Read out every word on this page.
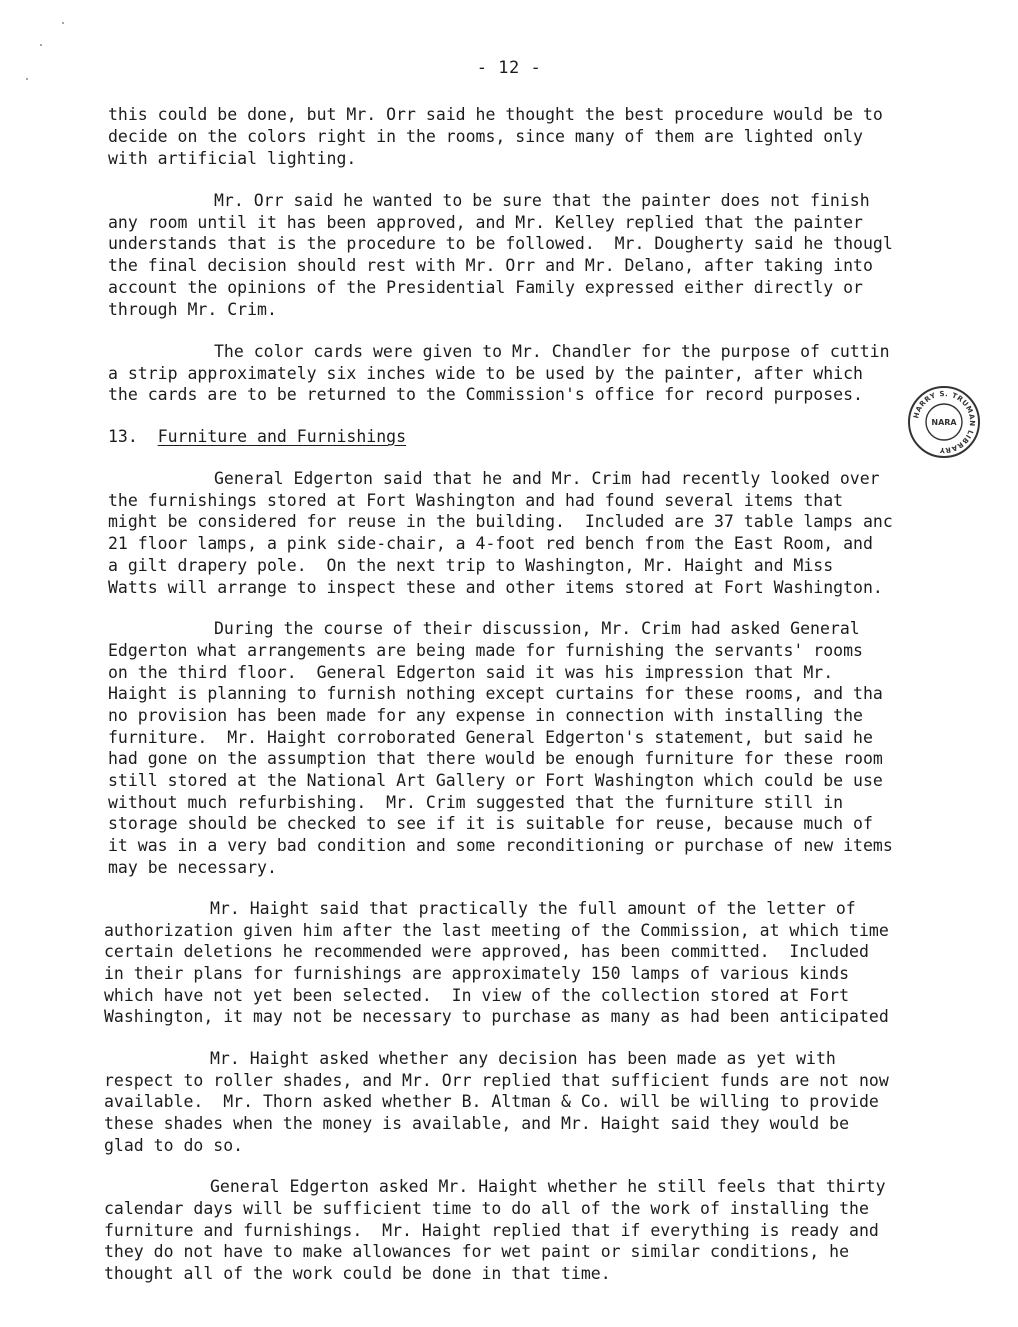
- 12 -
this could be done, but Mr. Orr said he thought the best procedure would be to
decide on the colors right in the rooms, since many of them are lighted only
with artificial lighting.
Mr. Orr said he wanted to be sure that the painter does not finish
any room until it has been approved, and Mr. Kelley replied that the painter
understands that is the procedure to be followed.  Mr. Dougherty said he thougl
the final decision should rest with Mr. Orr and Mr. Delano, after taking into
account the opinions of the Presidential Family expressed either directly or
through Mr. Crim.
The color cards were given to Mr. Chandler for the purpose of cuttin
a strip approximately six inches wide to be used by the painter, after which
the cards are to be returned to the Commission's office for record purposes.
13. Furniture and Furnishings
HARRY S. TRUMAN LIBRARY
NARA
General Edgerton said that he and Mr. Crim had recently looked over
the furnishings stored at Fort Washington and had found several items that
might be considered for reuse in the building.  Included are 37 table lamps anc
21 floor lamps, a pink side-chair, a 4-foot red bench from the East Room, and
a gilt drapery pole.  On the next trip to Washington, Mr. Haight and Miss
Watts will arrange to inspect these and other items stored at Fort Washington.
During the course of their discussion, Mr. Crim had asked General
Edgerton what arrangements are being made for furnishing the servants' rooms
on the third floor.  General Edgerton said it was his impression that Mr.
Haight is planning to furnish nothing except curtains for these rooms, and tha
no provision has been made for any expense in connection with installing the
furniture.  Mr. Haight corroborated General Edgerton's statement, but said he
had gone on the assumption that there would be enough furniture for these room
still stored at the National Art Gallery or Fort Washington which could be use
without much refurbishing.  Mr. Crim suggested that the furniture still in
storage should be checked to see if it is suitable for reuse, because much of
it was in a very bad condition and some reconditioning or purchase of new items
may be necessary.
Mr. Haight said that practically the full amount of the letter of
authorization given him after the last meeting of the Commission, at which time
certain deletions he recommended were approved, has been committed.  Included
in their plans for furnishings are approximately 150 lamps of various kinds
which have not yet been selected.  In view of the collection stored at Fort
Washington, it may not be necessary to purchase as many as had been anticipated
Mr. Haight asked whether any decision has been made as yet with
respect to roller shades, and Mr. Orr replied that sufficient funds are not now
available.  Mr. Thorn asked whether B. Altman & Co. will be willing to provide
these shades when the money is available, and Mr. Haight said they would be
glad to do so.
General Edgerton asked Mr. Haight whether he still feels that thirty
calendar days will be sufficient time to do all of the work of installing the
furniture and furnishings.  Mr. Haight replied that if everything is ready and
they do not have to make allowances for wet paint or similar conditions, he
thought all of the work could be done in that time.
